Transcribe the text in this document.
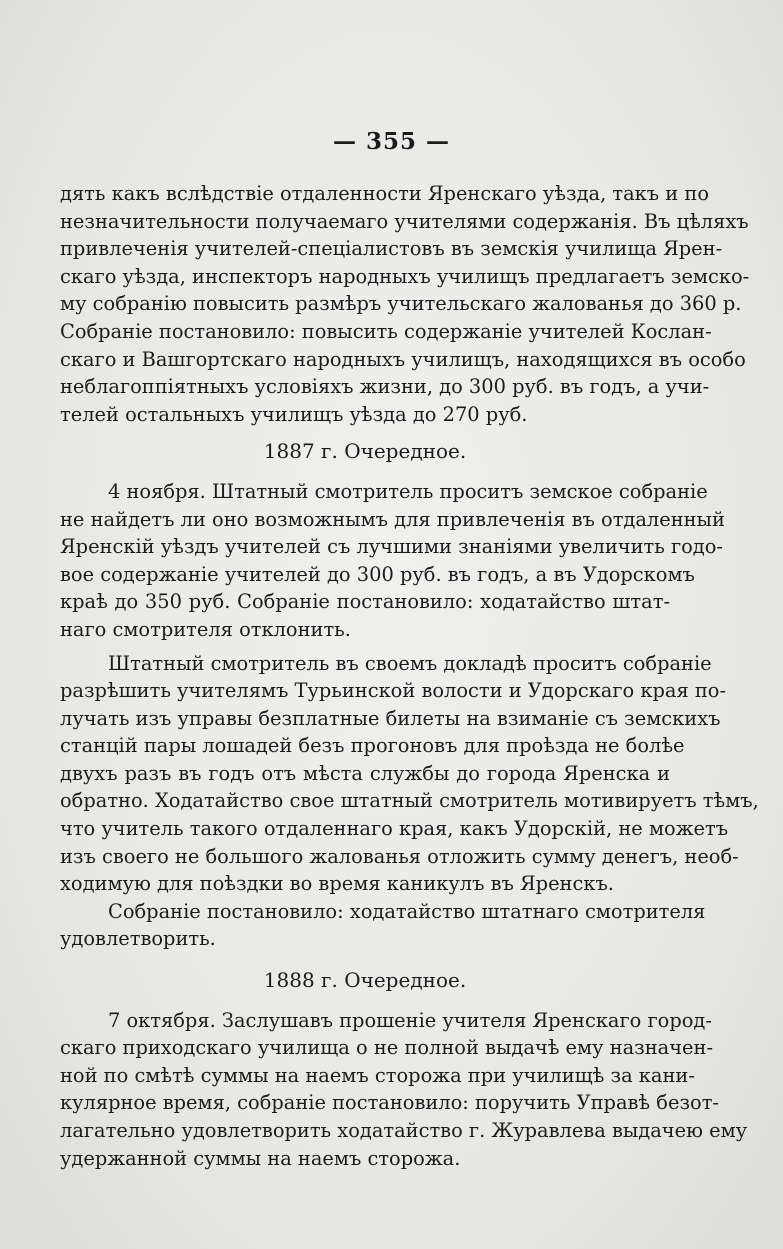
— 355 —
дять какъ вслѣдствіе отдаленности Яренскаго уѣзда, такъ и по
незначительности получаемаго учителями содержанія. Въ цѣляхъ
привлеченія учителей-спеціалистовъ въ земскія училища Ярен-
скаго уѣзда, инспекторъ народныхъ училищъ предлагаетъ земско-
му собранію повысить размѣръ учительскаго жалованья до 360 р.
Собраніе постановило: повысить содержаніе учителей Кослан-
скаго и Вашгортскаго народныхъ училищъ, находящихся въ особо
неблагоппіятныхъ условіяхъ жизни, до 300 руб. въ годъ, а учи-
телей остальныхъ училищъ уѣзда до 270 руб.
1887 г. Очередное.
4 ноября. Штатный смотритель проситъ земское собраніе
не найдетъ ли оно возможнымъ для привлеченія въ отдаленный
Яренскій уѣздъ учителей съ лучшими знаніями увеличить годо-
вое содержаніе учителей до 300 руб. въ годъ, а въ Удорскомъ
краѣ до 350 руб. Собраніе постановило: ходатайство штат-
наго смотрителя отклонить.
Штатный смотритель въ своемъ докладѣ проситъ собраніе
разрѣшить учителямъ Турьинской волости и Удорскаго края по-
лучать изъ управы безплатные билеты на взиманіе съ земскихъ
станцій пары лошадей безъ прогоновъ для проѣзда не болѣе
двухъ разъ въ годъ отъ мѣста службы до города Яренска и
обратно. Ходатайство свое штатный смотритель мотивируетъ тѣмъ,
что учитель такого отдаленнаго края, какъ Удорскій, не можетъ
изъ своего не большого жалованья отложить сумму денегъ, необ-
ходимую для поѣздки во время каникулъ въ Яренскъ.
Собраніе постановило: ходатайство штатнаго смотрителя
удовлетворить.
1888 г. Очередное.
7 октября. Заслушавъ прошеніе учителя Яренскаго город-
скаго приходскаго училища о не полной выдачѣ ему назначен-
ной по смѣтѣ суммы на наемъ сторожа при училищѣ за кани-
кулярное время, собраніе постановило: поручить Управѣ безот-
лагательно удовлетворить ходатайство г. Журавлева выдачею ему
удержанной суммы на наемъ сторожа.
